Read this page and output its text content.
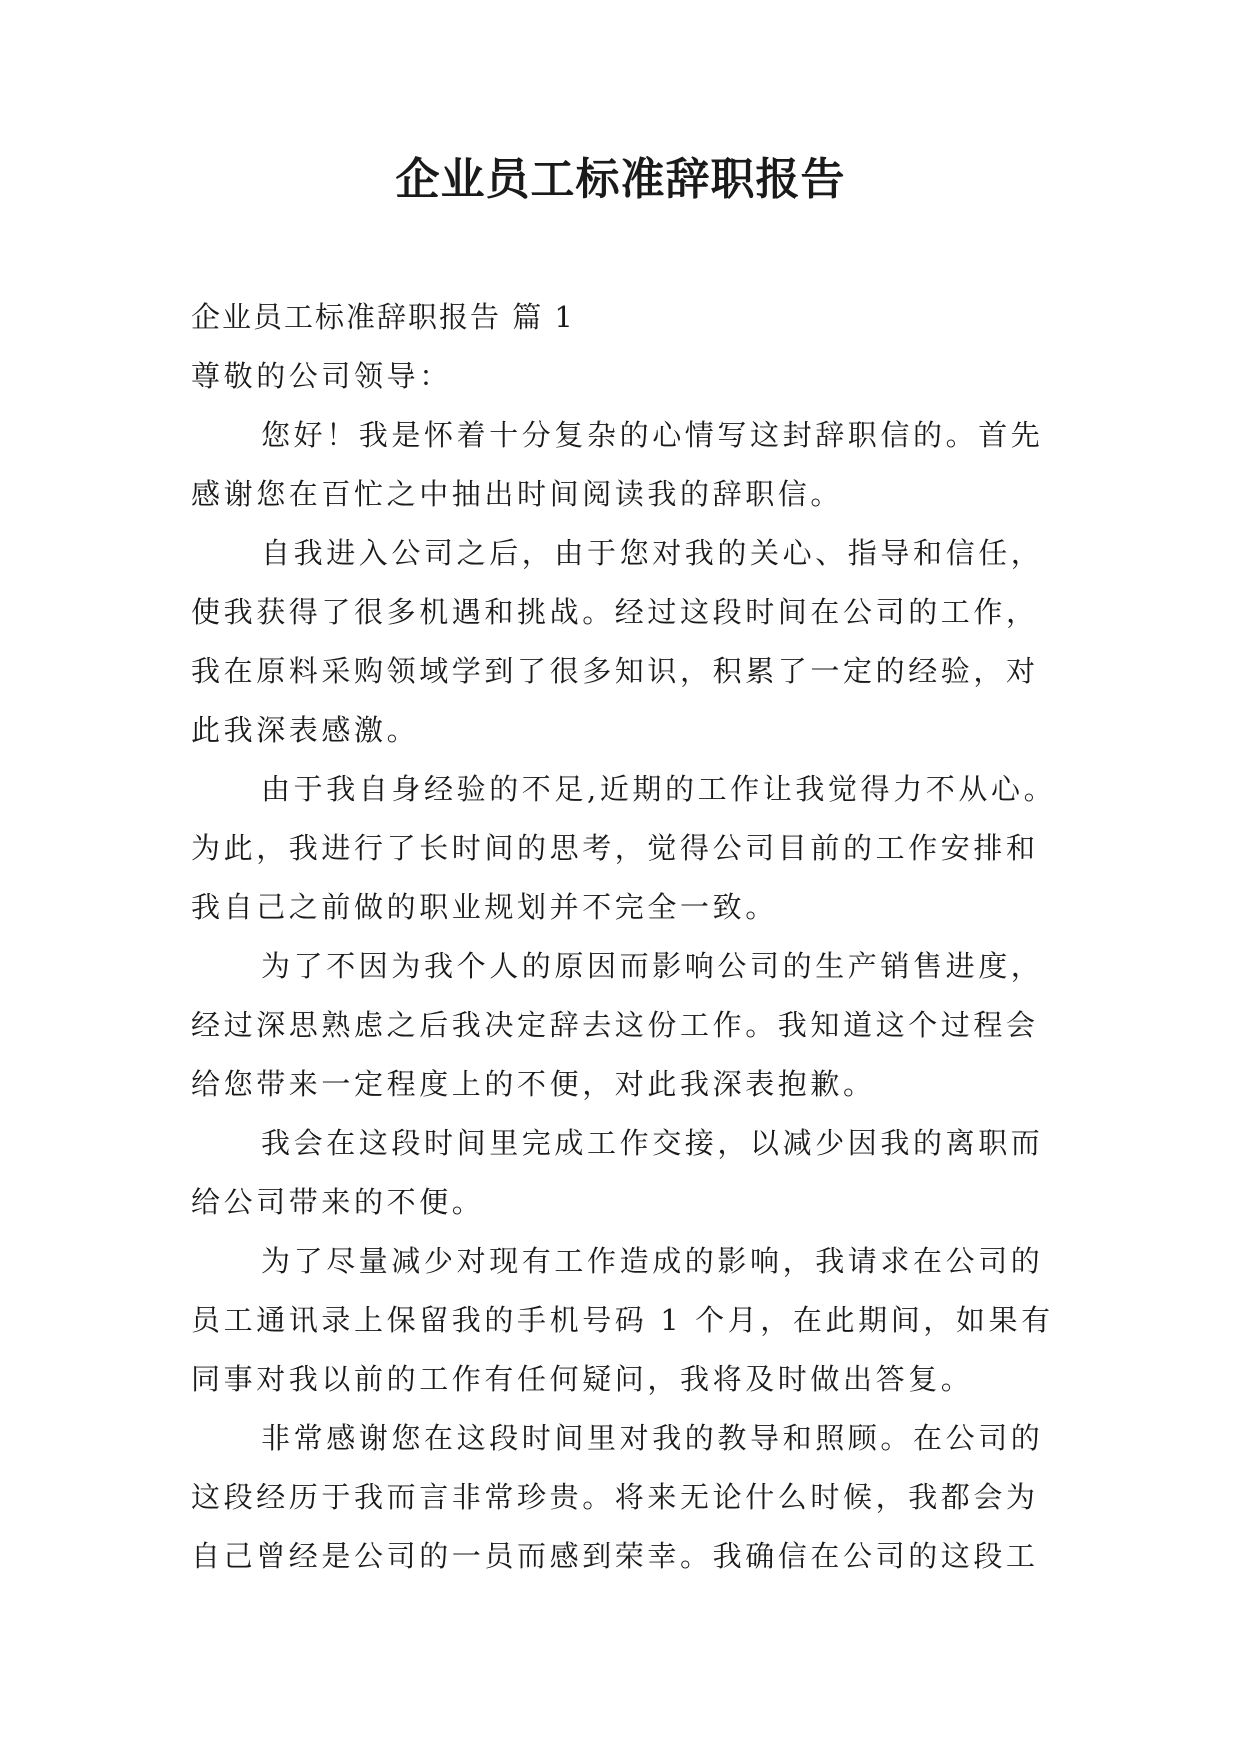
企业员工标准辞职报告

企业员工标准辞职报告 篇 1

尊敬的公司领导：

您好！我是怀着十分复杂的心情写这封辞职信的。首先

感谢您在百忙之中抽出时间阅读我的辞职信。

自我进入公司之后，由于您对我的关心、指导和信任，

使我获得了很多机遇和挑战。经过这段时间在公司的工作，

我在原料采购领域学到了很多知识，积累了一定的经验，对

此我深表感激。

由于我自身经验的不足,近期的工作让我觉得力不从心。

为此，我进行了长时间的思考，觉得公司目前的工作安排和

我自己之前做的职业规划并不完全一致。

为了不因为我个人的原因而影响公司的生产销售进度，

经过深思熟虑之后我决定辞去这份工作。我知道这个过程会

给您带来一定程度上的不便，对此我深表抱歉。

我会在这段时间里完成工作交接，以减少因我的离职而

给公司带来的不便。

为了尽量减少对现有工作造成的影响，我请求在公司的

员工通讯录上保留我的手机号码 1 个月，在此期间，如果有

同事对我以前的工作有任何疑问，我将及时做出答复。

非常感谢您在这段时间里对我的教导和照顾。在公司的

这段经历于我而言非常珍贵。将来无论什么时候，我都会为

自己曾经是公司的一员而感到荣幸。我确信在公司的这段工
